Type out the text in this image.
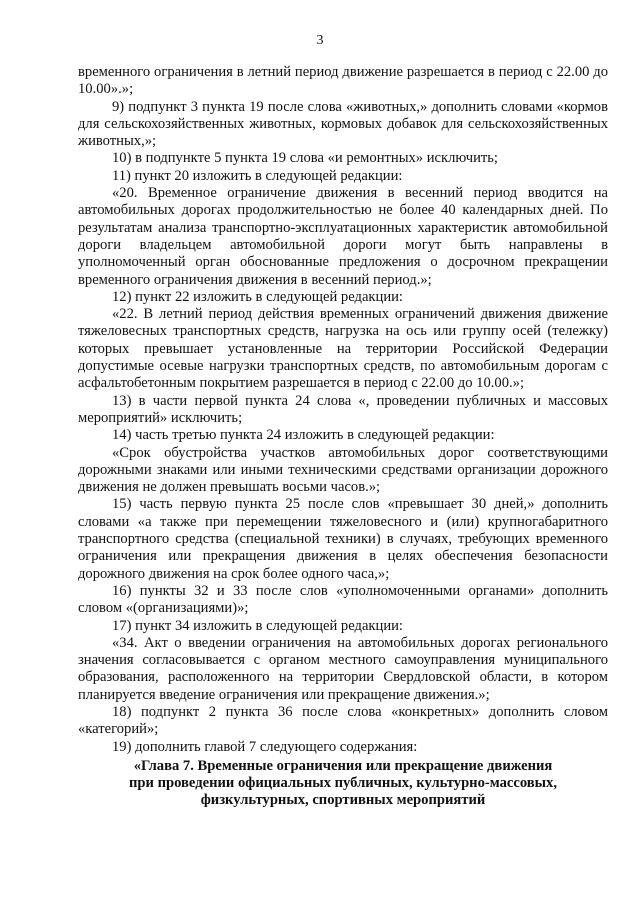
3

временного ограничения в летний период движение разрешается в период с 22.00 до 10.00».»;

9) подпункт 3 пункта 19 после слова «животных,» дополнить словами «кормов для сельскохозяйственных животных, кормовых добавок для сельскохозяйственных животных,»;

10) в подпункте 5 пункта 19 слова «и ремонтных» исключить;

11) пункт 20 изложить в следующей редакции:

«20. Временное ограничение движения в весенний период вводится на автомобильных дорогах продолжительностью не более 40 календарных дней. По результатам анализа транспортно-эксплуатационных характеристик автомобильной дороги владельцем автомобильной дороги могут быть направлены в уполномоченный орган обоснованные предложения о досрочном прекращении временного ограничения движения в весенний период.»;

12) пункт 22 изложить в следующей редакции:

«22. В летний период действия временных ограничений движения движение тяжеловесных транспортных средств, нагрузка на ось или группу осей (тележку) которых превышает установленные на территории Российской Федерации допустимые осевые нагрузки транспортных средств, по автомобильным дорогам с асфальтобетонным покрытием разрешается в период с 22.00 до 10.00.»;

13) в части первой пункта 24 слова «, проведении публичных и массовых мероприятий» исключить;

14) часть третью пункта 24 изложить в следующей редакции:

«Срок обустройства участков автомобильных дорог соответствующими дорожными знаками или иными техническими средствами организации дорожного движения не должен превышать восьми часов.»;

15) часть первую пункта 25 после слов «превышает 30 дней,» дополнить словами «а также при перемещении тяжеловесного и (или) крупногабаритного транспортного средства (специальной техники) в случаях, требующих временного ограничения или прекращения движения в целях обеспечения безопасности дорожного движения на срок более одного часа,»;

16) пункты 32 и 33 после слов «уполномоченными органами» дополнить словом «(организациями)»;

17) пункт 34 изложить в следующей редакции:

«34. Акт о введении ограничения на автомобильных дорогах регионального значения согласовывается с органом местного самоуправления муниципального образования, расположенного на территории Свердловской области, в котором планируется введение ограничения или прекращение движения.»;

18) подпункт 2 пункта 36 после слова «конкретных» дополнить словом «категорий»;

19) дополнить главой 7 следующего содержания:

«Глава 7. Временные ограничения или прекращение движения
при проведении официальных публичных, культурно-массовых,
физкультурных, спортивных мероприятий
